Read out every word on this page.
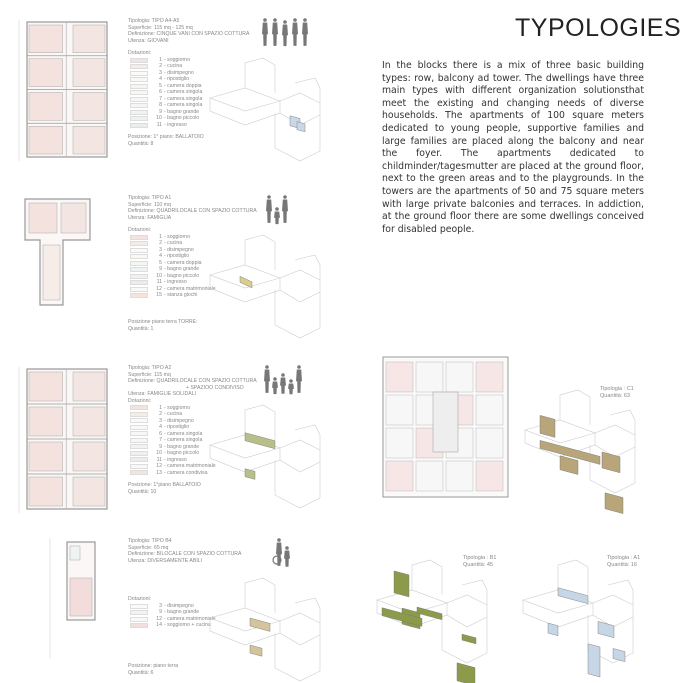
TYPOLOGIES
In the blocks there is a mix of three basic building types: row, balcony ad tower. The dwellings have three main types with different organization solutionsthat meet the existing and changing needs of diverse households. The apartments of 100 square meters dedicated to young people, supportive families and large families are placed along the balcony and near the foyer. The apartments dedicated to childminder/tagesmutter are placed at the ground floor, next to the green areas and to the playgrounds. In the towers are the apartments of 50 and 75 square meters with large private balconies and terraces. In addiction, at the ground floor there are some dwellings conceived for disabled people.
Tipologia: TIPO A4-A5
Superficie: 115 mq - 125 mq
Definizione: CINQUE VANI CON SPAZIO COTTURA
Utenza: GIOVANI
Dotazioni:
1 - soggiorno
2 - cucina
3 - disimpegno
4 - ripostiglio
5 - camera doppia
6 - camera singola
7 - camera singola
8 - camera singola
9 - bagno grande
10 - bagno piccolo
11 - ingresso
Posizione: 1° piano: BALLATOIO
Quantità: 8
Tipologia: TIPO A1
Superficie: 110 mq
Definizione: QUADRILOCALE CON SPAZIO COTTURA
Utenza: FAMIGLIA
Dotazioni:
1 - soggiorno
2 - cucina
3 - disimpegno
4 - ripostiglio
5 - camera doppia
9 - bagno grande
10 - bagno piccolo
11 - ingresso
12 - camera matrimoniale
15 - stanza giochi
Posizione piano terra TORRE:
Quantità: 1
Tipologia: TIPO A2
Superficie: 115 mq
Definizione: QUADRILOCALE CON SPAZIO COTTURA
+ SPAZIOO CONDIVISO
Utenza: FAMIGLIE SOLIDALI
Dotazioni:
1 - soggiorno
2 - cucina
3 - disimpegno
4 - ripostiglio
6 - camera singola
7 - camera singola
9 - bagno grande
10 - bagno piccolo
11 - ingresso
12 - camera matrimoniale
13 - camera condivisa
Posizione: 1°piano BALLATOIO
Quantità: 10
Tipologia: TIPO B4
Superficie: 65 mq
Definizione: BILOCALE CON SPAZIO COTTURA
Utenza: DIVERSAMENTE ABILI
Dotazioni:
3 - disimpegno
9 - bagno grande
12 - camera matrimoniale
14 - soggiorno + cucina
Posizione: piano terra
Quantità: 6
Tipologia : C1
Quantità: 63
Tipologia : B1
Quantità: 45
Tipologia : A1
Quantità: 16
